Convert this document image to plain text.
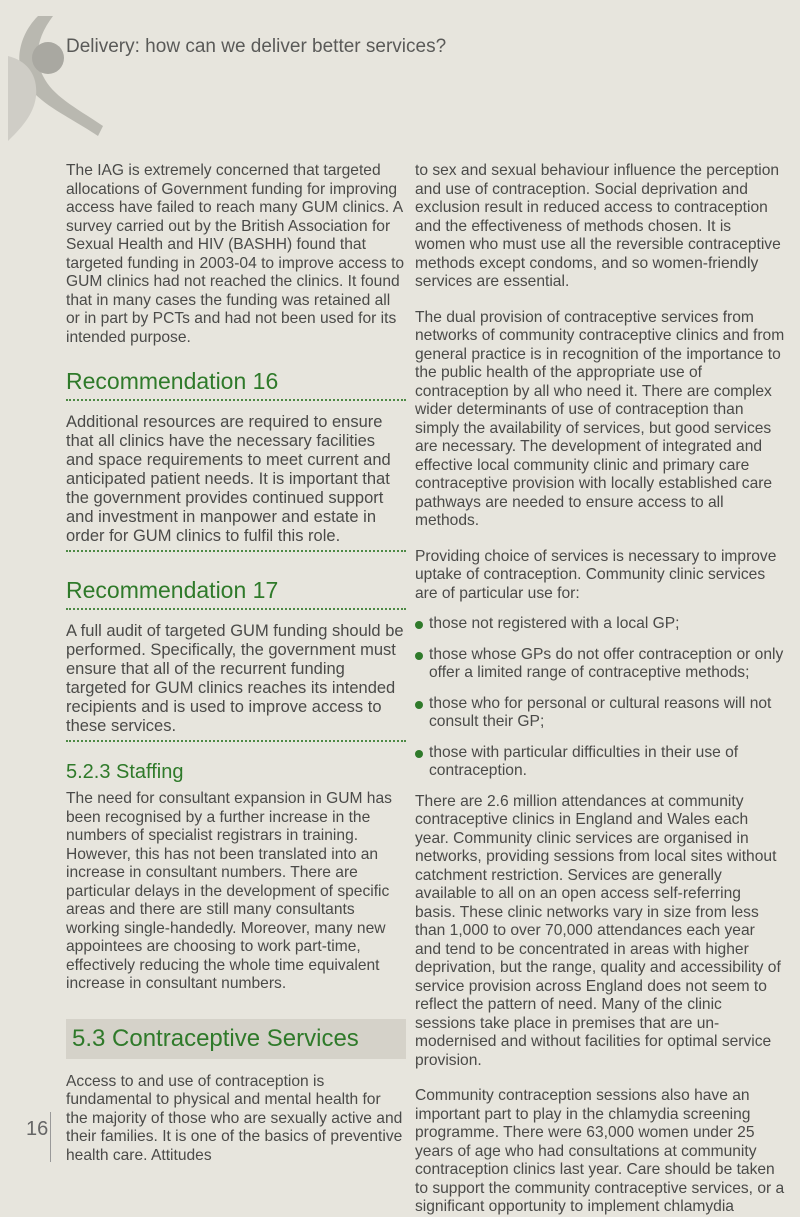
Delivery: how can we deliver better services?

The IAG is extremely concerned that targeted allocations of Government funding for improving access have failed to reach many GUM clinics. A survey carried out by the British Association for Sexual Health and HIV (BASHH) found that targeted funding in 2003-04 to improve access to GUM clinics had not reached the clinics. It found that in many cases the funding was retained all or in part by PCTs and had not been used for its intended purpose.

Recommendation 16

Additional resources are required to ensure that all clinics have the necessary facilities and space requirements to meet current and anticipated patient needs. It is important that the government provides continued support and investment in manpower and estate in order for GUM clinics to fulfil this role.

Recommendation 17

A full audit of targeted GUM funding should be performed. Specifically, the government must ensure that all of the recurrent funding targeted for GUM clinics reaches its intended recipients and is used to improve access to these services.

5.2.3 Staffing

The need for consultant expansion in GUM has been recognised by a further increase in the numbers of specialist registrars in training. However, this has not been translated into an increase in consultant numbers. There are particular delays in the development of specific areas and there are still many consultants working single-handedly. Moreover, many new appointees are choosing to work part-time, effectively reducing the whole time equivalent increase in consultant numbers.

5.3 Contraceptive Services

Access to and use of contraception is fundamental to physical and mental health for the majority of those who are sexually active and their families. It is one of the basics of preventive health care. Attitudes

to sex and sexual behaviour influence the perception and use of contraception. Social deprivation and exclusion result in reduced access to contraception and the effectiveness of methods chosen. It is women who must use all the reversible contraceptive methods except condoms, and so women-friendly services are essential.

The dual provision of contraceptive services from networks of community contraceptive clinics and from general practice is in recognition of the importance to the public health of the appropriate use of contraception by all who need it. There are complex wider determinants of use of contraception than simply the availability of services, but good services are necessary. The development of integrated and effective local community clinic and primary care contraceptive provision with locally established care pathways are needed to ensure access to all methods.

Providing choice of services is necessary to improve uptake of contraception. Community clinic services are of particular use for:

those not registered with a local GP;
those whose GPs do not offer contraception or only offer a limited range of contraceptive methods;
those who for personal or cultural reasons will not consult their GP;
those with particular difficulties in their use of contraception.

There are 2.6 million attendances at community contraceptive clinics in England and Wales each year. Community clinic services are organised in networks, providing sessions from local sites without catchment restriction. Services are generally available to all on an open access self-referring basis. These clinic networks vary in size from less than 1,000 to over 70,000 attendances each year and tend to be concentrated in areas with higher deprivation, but the range, quality and accessibility of service provision across England does not seem to reflect the pattern of need. Many of the clinic sessions take place in premises that are un-modernised and without facilities for optimal service provision.

Community contraception sessions also have an important part to play in the chlamydia screening programme. There were 63,000 women under 25 years of age who had consultations at community contraception clinics last year. Care should be taken to support the community contraceptive services, or a significant opportunity to implement chlamydia

16
